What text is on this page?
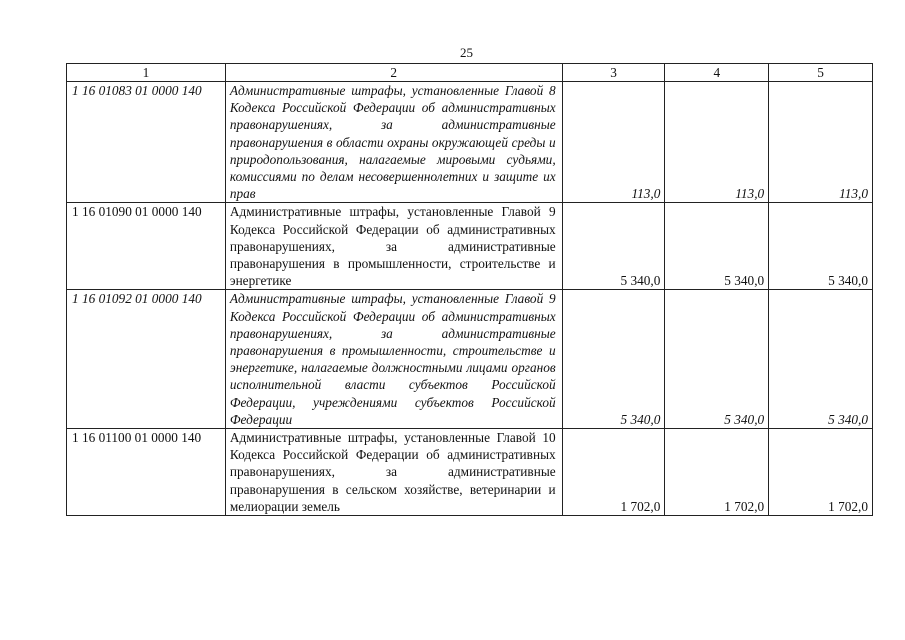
25
1	2	3	4	5
1 16 01083 01 0000 140	Административные штрафы, установленные Главой 8 Кодекса Российской Федерации об административных правонарушениях, за административные правонарушения в области охраны окружающей среды и природопользования, налагаемые мировыми судьями, комиссиями по делам несовершеннолетних и защите их прав	113,0	113,0	113,0
1 16 01090 01 0000 140	Административные штрафы, установленные Главой 9 Кодекса Российской Федерации об административных правонарушениях, за административные правонарушения в промышленности, строительстве и энергетике	5 340,0	5 340,0	5 340,0
1 16 01092 01 0000 140	Административные штрафы, установленные Главой 9 Кодекса Российской Федерации об административных правонарушениях, за административные правонарушения в промышленности, строительстве и энергетике, налагаемые должностными лицами органов исполнительной власти субъектов Российской Федерации, учреждениями субъектов Российской Федерации	5 340,0	5 340,0	5 340,0
1 16 01100 01 0000 140	Административные штрафы, установленные Главой 10 Кодекса Российской Федерации об административных правонарушениях, за административные правонарушения в сельском хозяйстве, ветеринарии и мелиорации земель	1 702,0	1 702,0	1 702,0
